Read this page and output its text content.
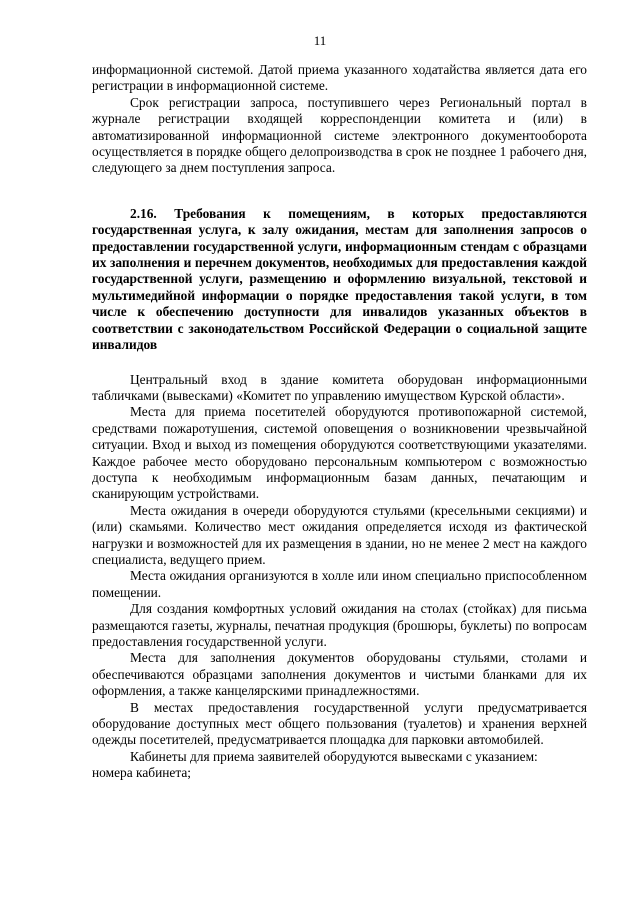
11

информационной системой. Датой приема указанного ходатайства является дата его регистрации в информационной системе.

Срок регистрации запроса, поступившего через Региональный портал в журнале регистрации входящей корреспонденции комитета и (или) в автоматизированной информационной системе электронного документооборота осуществляется в порядке общего делопроизводства в срок не позднее 1 рабочего дня, следующего за днем поступления запроса.

2.16. Требования к помещениям, в которых предоставляются государственная услуга, к залу ожидания, местам для заполнения запросов о предоставлении государственной услуги, информационным стендам с образцами их заполнения и перечнем документов, необходимых для предоставления каждой государственной услуги, размещению и оформлению визуальной, текстовой и мультимедийной информации о порядке предоставления такой услуги, в том числе к обеспечению доступности для инвалидов указанных объектов в соответствии с законодательством Российской Федерации о социальной защите инвалидов

Центральный вход в здание комитета оборудован информационными табличками (вывесками) «Комитет по управлению имуществом Курской области».

Места для приема посетителей оборудуются противопожарной системой, средствами пожаротушения, системой оповещения о возникновении чрезвычайной ситуации. Вход и выход из помещения оборудуются соответствующими указателями. Каждое рабочее место оборудовано персональным компьютером с возможностью доступа к необходимым информационным базам данных, печатающим и сканирующим устройствами.

Места ожидания в очереди оборудуются стульями (кресельными секциями) и (или) скамьями. Количество мест ожидания определяется исходя из фактической нагрузки и возможностей для их размещения в здании, но не менее 2 мест на каждого специалиста, ведущего прием.

Места ожидания организуются в холле или ином специально приспособленном помещении.

Для создания комфортных условий ожидания на столах (стойках) для письма размещаются газеты, журналы, печатная продукция (брошюры, буклеты) по вопросам предоставления государственной услуги.

Места для заполнения документов оборудованы стульями, столами и обеспечиваются образцами заполнения документов и чистыми бланками для их оформления, а также канцелярскими принадлежностями.

В местах предоставления государственной услуги предусматривается оборудование доступных мест общего пользования (туалетов) и хранения верхней одежды посетителей, предусматривается площадка для парковки автомобилей.

Кабинеты для приема заявителей оборудуются вывесками с указанием:

номера кабинета;
